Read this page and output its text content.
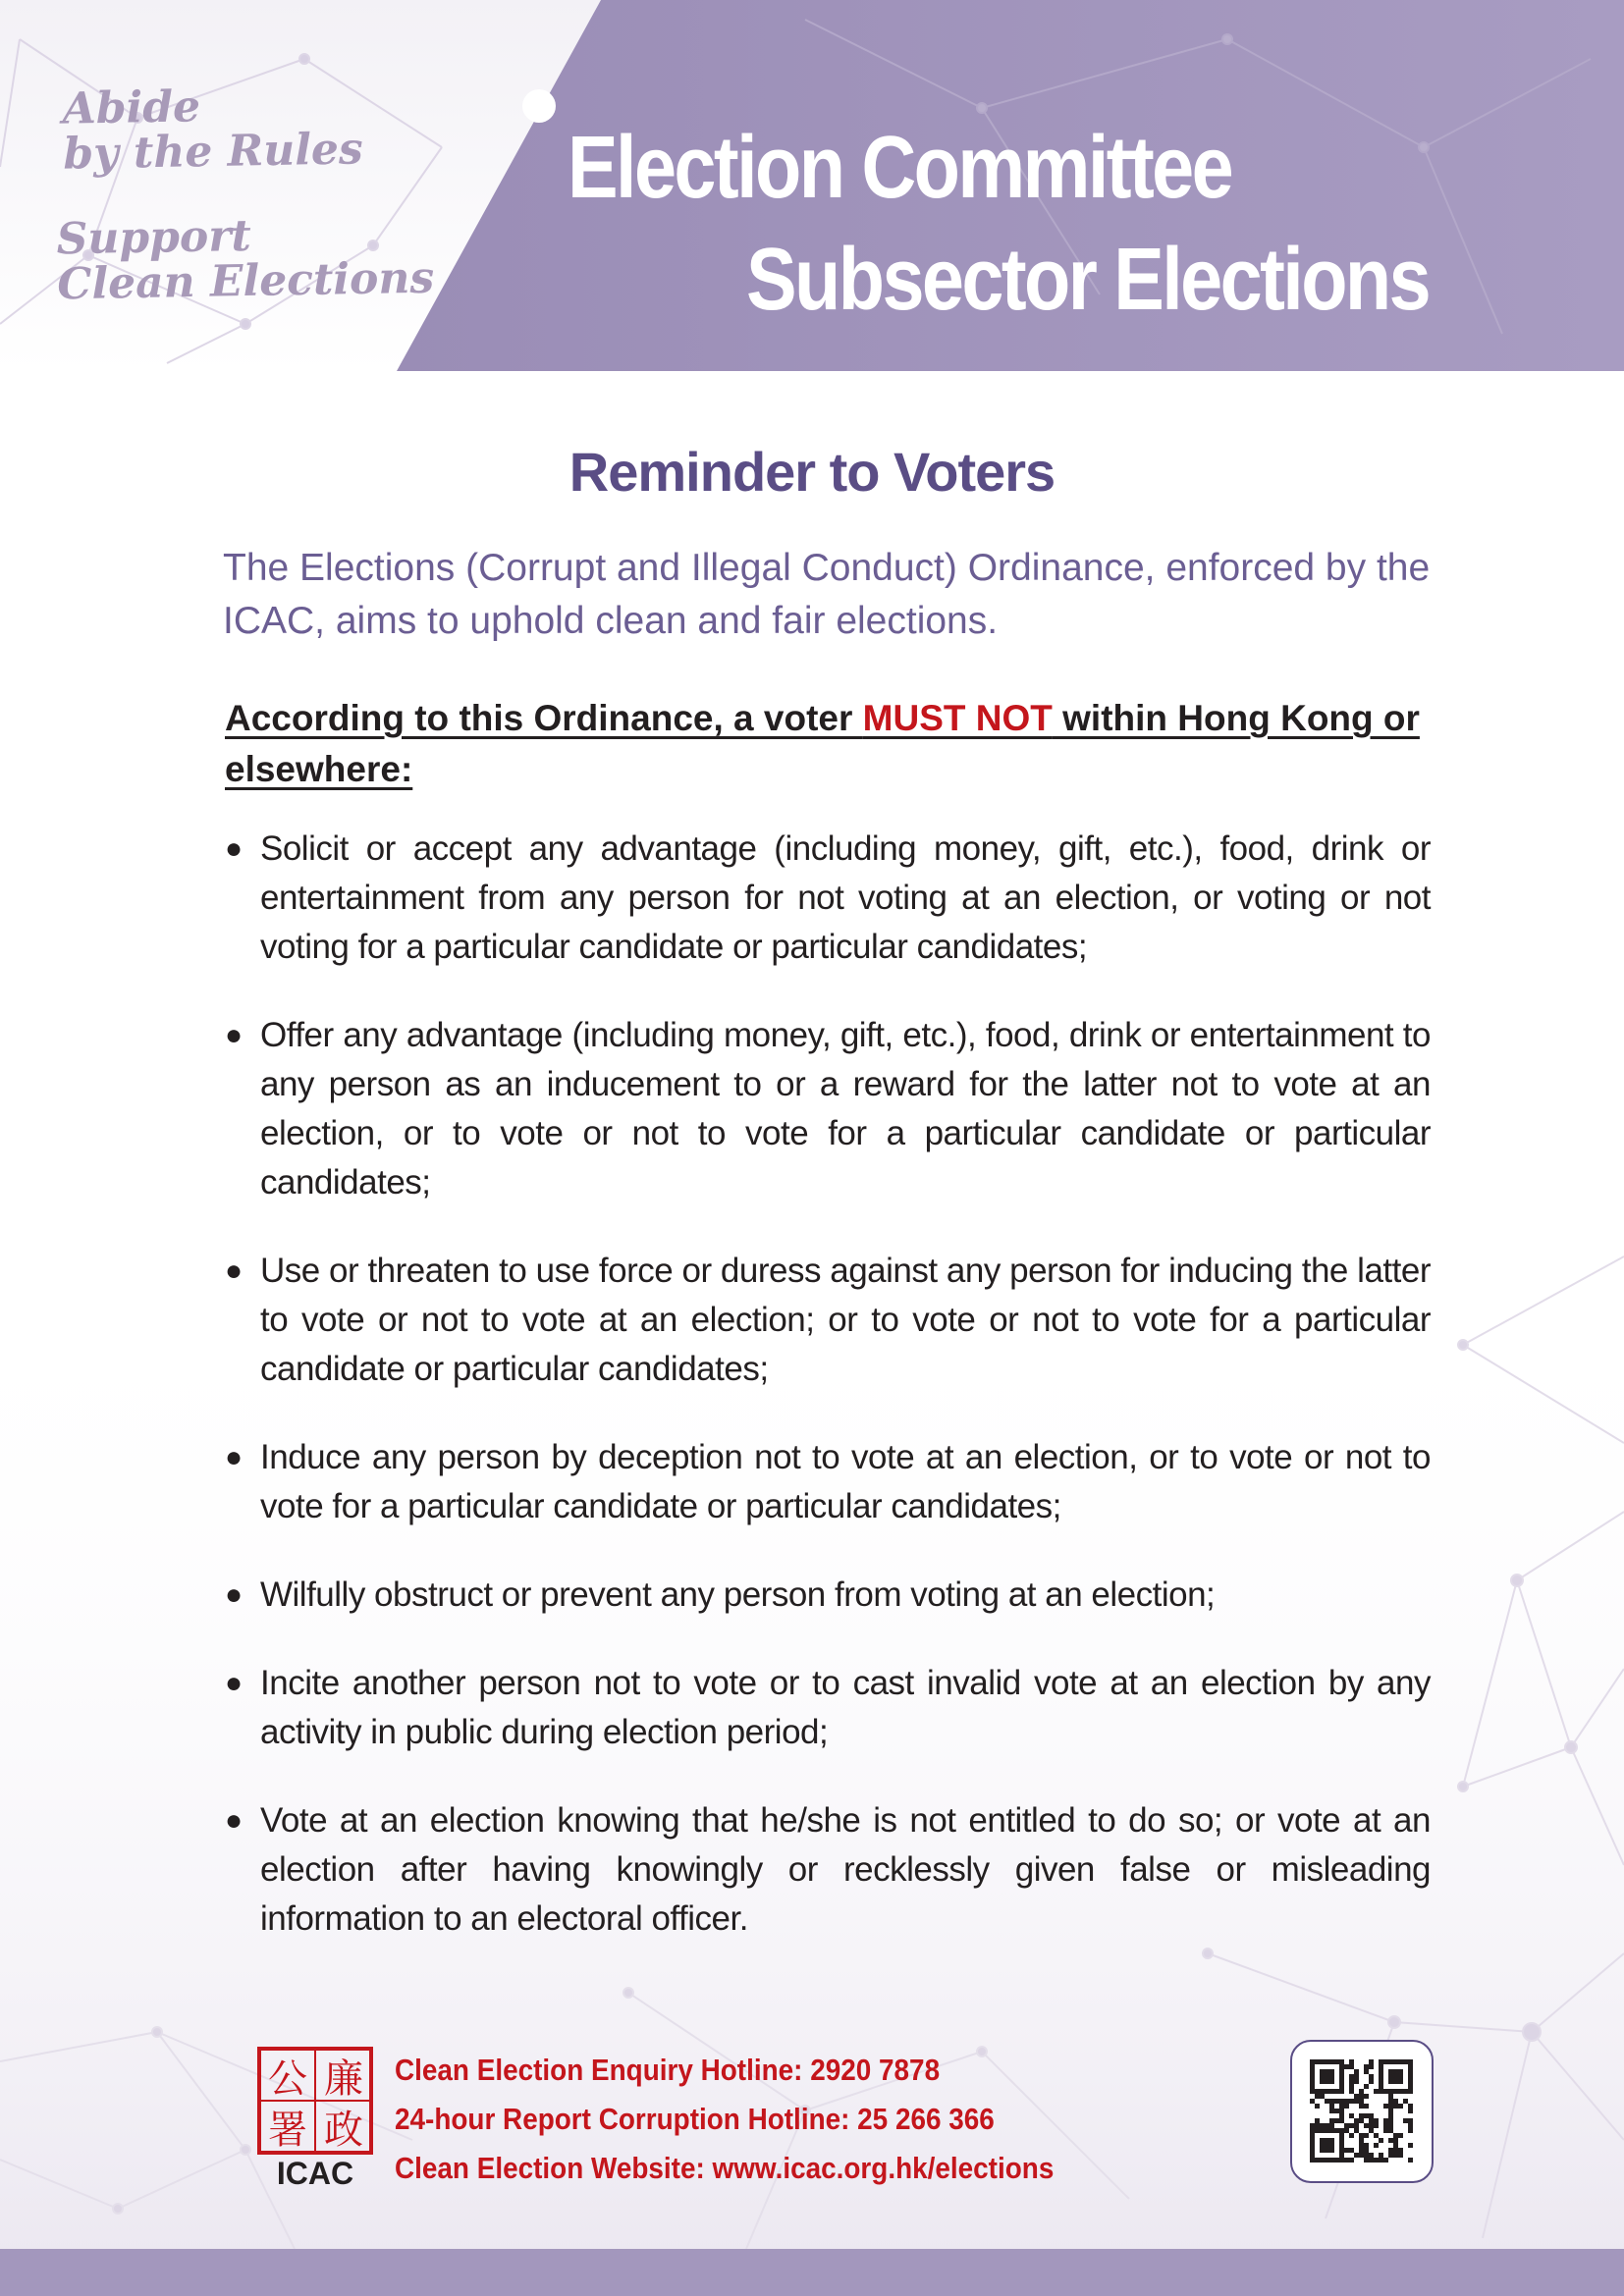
Abide
by the Rules
Support
Clean Elections
Election Committee
Subsector Elections
Reminder to Voters

The Elections (Corrupt and Illegal Conduct) Ordinance, enforced by the ICAC, aims to uphold clean and fair elections.

According to this Ordinance, a voter MUST NOT within Hong Kong or elsewhere:

● Solicit or accept any advantage (including money, gift, etc.), food, drink or entertainment from any person for not voting at an election, or voting or not voting for a particular candidate or particular candidates;
● Offer any advantage (including money, gift, etc.), food, drink or entertainment to any person as an inducement to or a reward for the latter not to vote at an election, or to vote or not to vote for a particular candidate or particular candidates;
● Use or threaten to use force or duress against any person for inducing the latter to vote or not to vote at an election; or to vote or not to vote for a particular candidate or particular candidates;
● Induce any person by deception not to vote at an election, or to vote or not to vote for a particular candidate or particular candidates;
● Wilfully obstruct or prevent any person from voting at an election;
● Incite another person not to vote or to cast invalid vote at an election by any activity in public during election period;
● Vote at an election knowing that he/she is not entitled to do so; or vote at an election after having knowingly or recklessly given false or misleading information to an electoral officer.
公 廉
署 政
ICAC
Clean Election Enquiry Hotline: 2920 7878
24-hour Report Corruption Hotline: 25 266 366
Clean Election Website: www.icac.org.hk/elections
